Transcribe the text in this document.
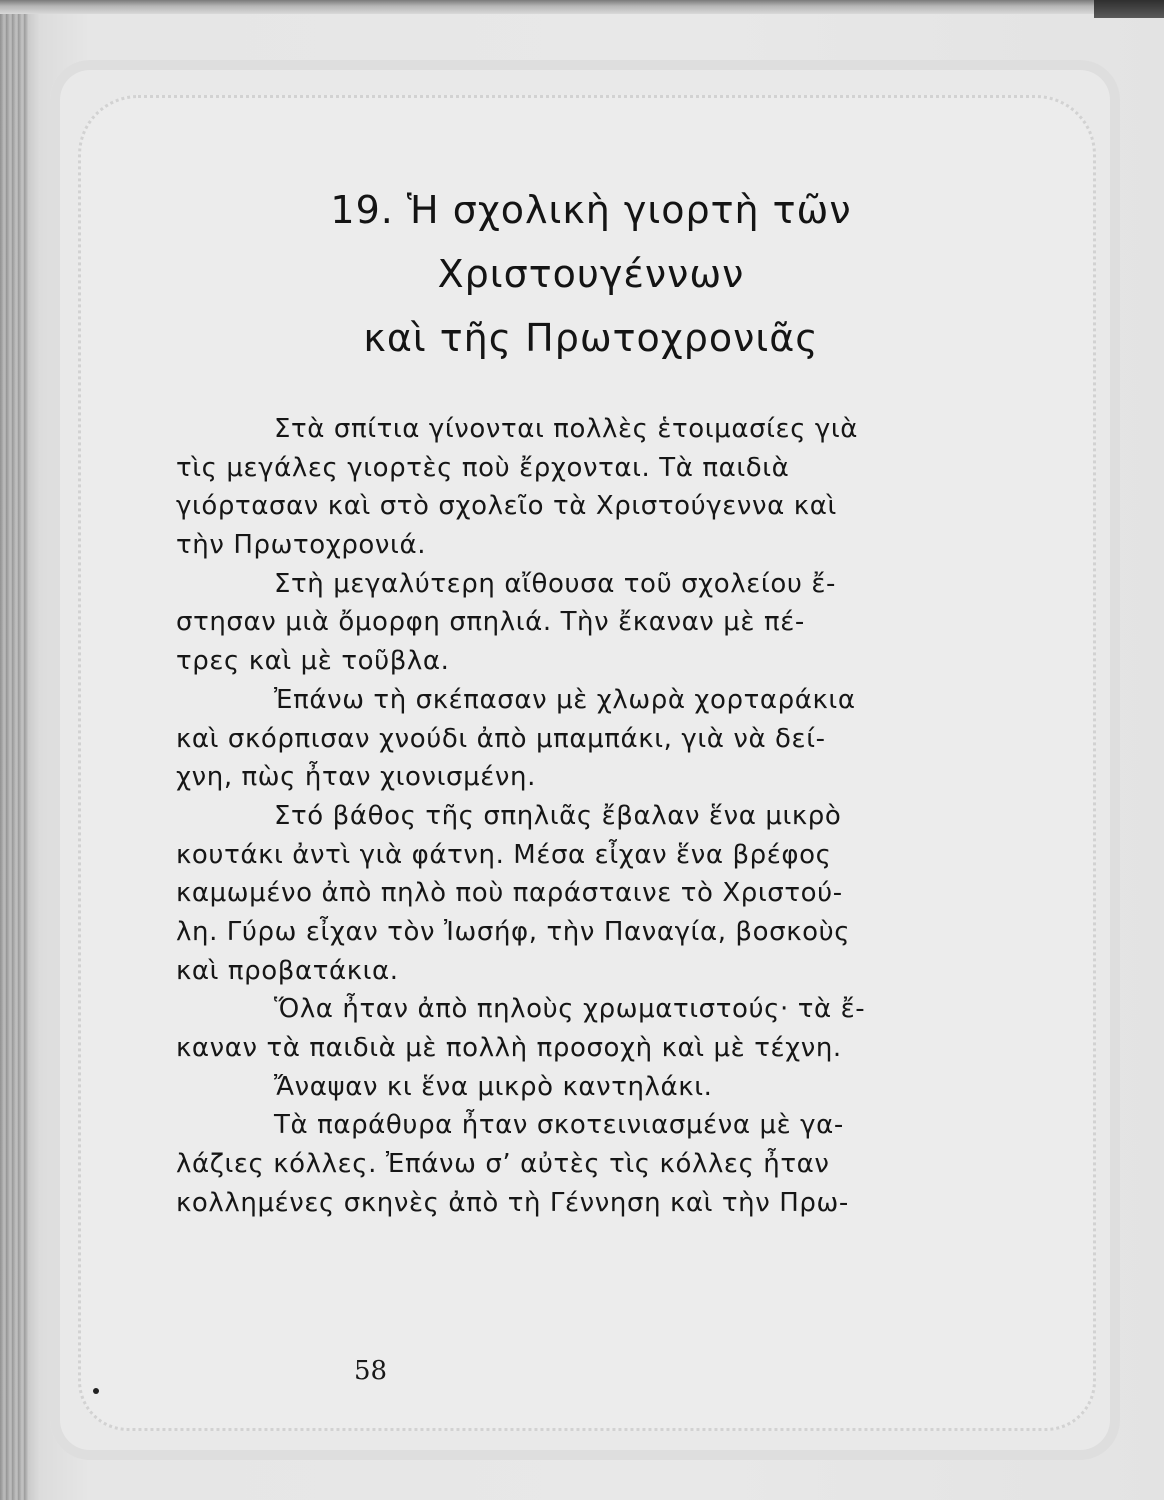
19. Ἡ σχολικὴ γιορτὴ τῶν
Χριστουγέννων
καὶ τῆς Πρωτοχρονιᾶς
Στὰ σπίτια γίνονται πολλὲς ἑτοιμασίες γιὰ
τὶς μεγάλες γιορτὲς ποὺ ἔρχονται. Τὰ παιδιὰ
γιόρτασαν καὶ στὸ σχολεῖο τὰ Χριστούγεννα καὶ
τὴν Πρωτοχρονιά.
Στὴ μεγαλύτερη αἴθουσα τοῦ σχολείου ἔ-
στησαν μιὰ ὄμορφη σπηλιά. Τὴν ἔκαναν μὲ πέ-
τρες καὶ μὲ τοῦβλα.
Ἐπάνω τὴ σκέπασαν μὲ χλωρὰ χορταράκια
καὶ σκόρπισαν χνούδι ἀπὸ μπαμπάκι, γιὰ νὰ δεί-
χνη, πὼς ἦταν χιονισμένη.
Στό βάθος τῆς σπηλιᾶς ἔβαλαν ἕνα μικρὸ
κουτάκι ἀντὶ γιὰ φάτνη. Μέσα εἶχαν ἕνα βρέφος
καμωμένο ἀπὸ πηλὸ ποὺ παράσταινε τὸ Χριστού-
λη. Γύρω εἶχαν τὸν Ἰωσήφ, τὴν Παναγία, βοσκοὺς
καὶ προβατάκια.
Ὅλα ἦταν ἀπὸ πηλοὺς χρωματιστούς· τὰ ἔ-
καναν τὰ παιδιὰ μὲ πολλὴ προσοχὴ καὶ μὲ τέχνη.
Ἄναψαν κι ἕνα μικρὸ καντηλάκι.
Τὰ παράθυρα ἦταν σκοτεινιασμένα μὲ γα-
λάζιες κόλλες. Ἐπάνω σ’ αὐτὲς τὶς κόλλες ἦταν
κολλημένες σκηνὲς ἀπὸ τὴ Γέννηση καὶ τὴν Πρω-
58
